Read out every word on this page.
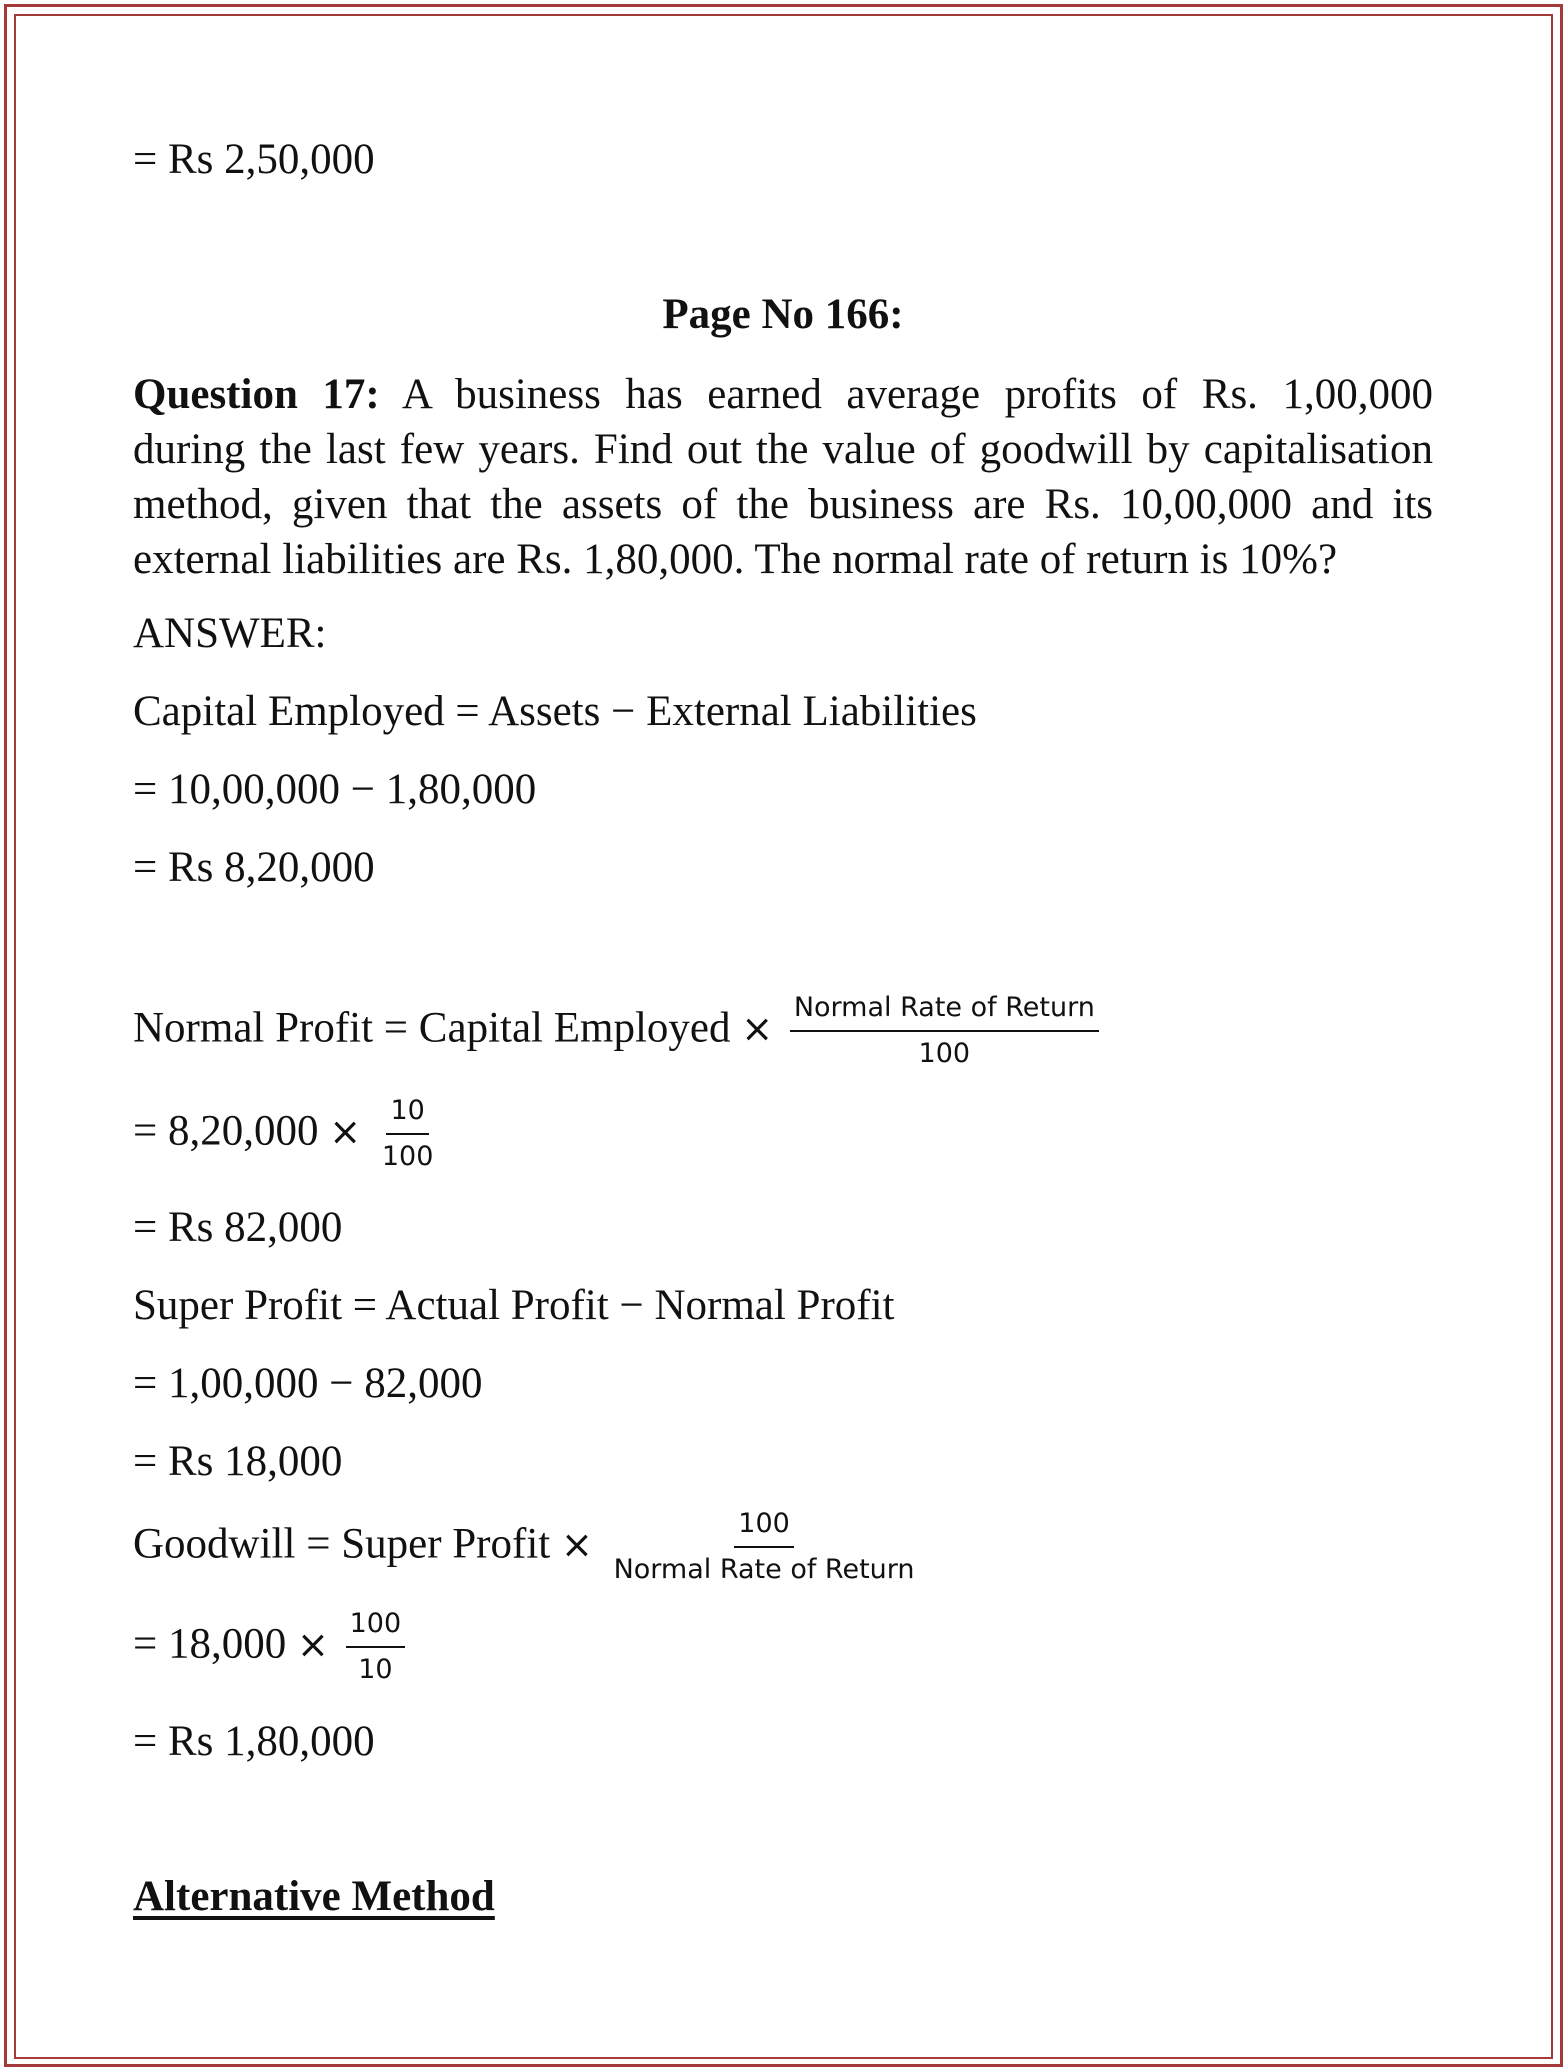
= Rs 2,50,000
Page No 166:
Question 17: A business has earned average profits of Rs. 1,00,000
during the last few years. Find out the value of goodwill by capitalisation
method, given that the assets of the business are Rs. 10,00,000 and its
external liabilities are Rs. 1,80,000. The normal rate of return is 10%?
ANSWER:
Capital Employed = Assets − External Liabilities
= 10,00,000 − 1,80,000
= Rs 8,20,000
Normal Profit = Capital Employed × $\frac{\text{Normal Rate of Return}}{100}$
= $8,20,000 \times \frac{10}{100}$
= Rs 82,000
Super Profit = Actual Profit − Normal Profit
= 1,00,000 − 82,000
= Rs 18,000
Goodwill = Super Profit × $\frac{100}{\text{Normal Rate of Return}}$
= $18,000 \times \frac{100}{10}$
= Rs 1,80,000
Alternative Method
